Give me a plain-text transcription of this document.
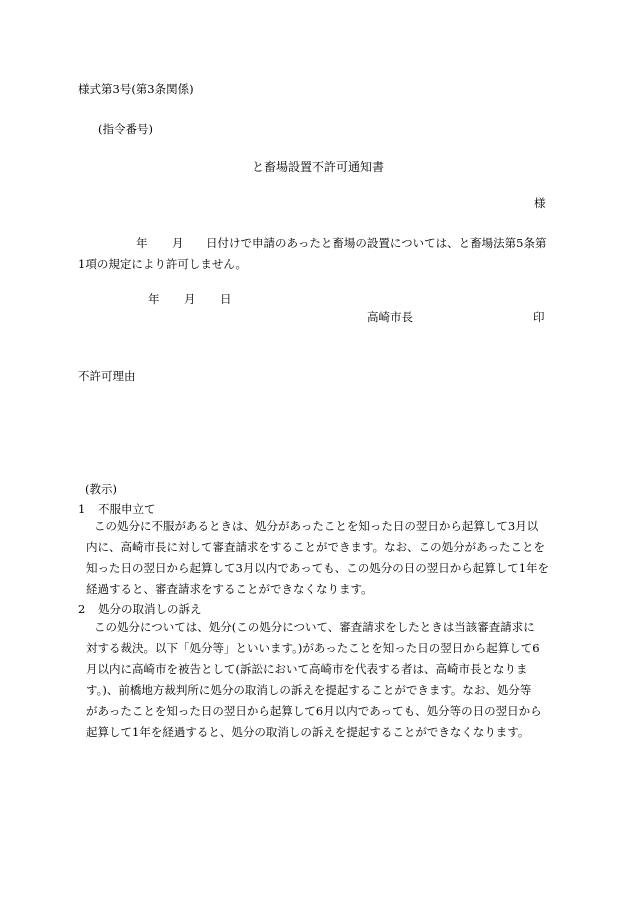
様式第3号(第3条関係)
(指令番号)
と畜場設置不許可通知書
様
年 月 日付けで申請のあったと畜場の設置については、と畜場法第5条第
1項の規定により許可しません。
年 月 日
高崎市長	印
不許可理由
(教示)
1 不服申立て
この処分に不服があるときは、処分があったことを知った日の翌日から起算して3月以
内に、高崎市長に対して審査請求をすることができます。なお、この処分があったことを
知った日の翌日から起算して3月以内であっても、この処分の日の翌日から起算して1年を
経過すると、審査請求をすることができなくなります。
2 処分の取消しの訴え
この処分については、処分(この処分について、審査請求をしたときは当該審査請求に
対する裁決。以下「処分等」といいます。)があったことを知った日の翌日から起算して6
月以内に高崎市を被告として(訴訟において高崎市を代表する者は、高崎市長となりま
す。)、前橋地方裁判所に処分の取消しの訴えを提起することができます。なお、処分等
があったことを知った日の翌日から起算して6月以内であっても、処分等の日の翌日から
起算して1年を経過すると、処分の取消しの訴えを提起することができなくなります。
